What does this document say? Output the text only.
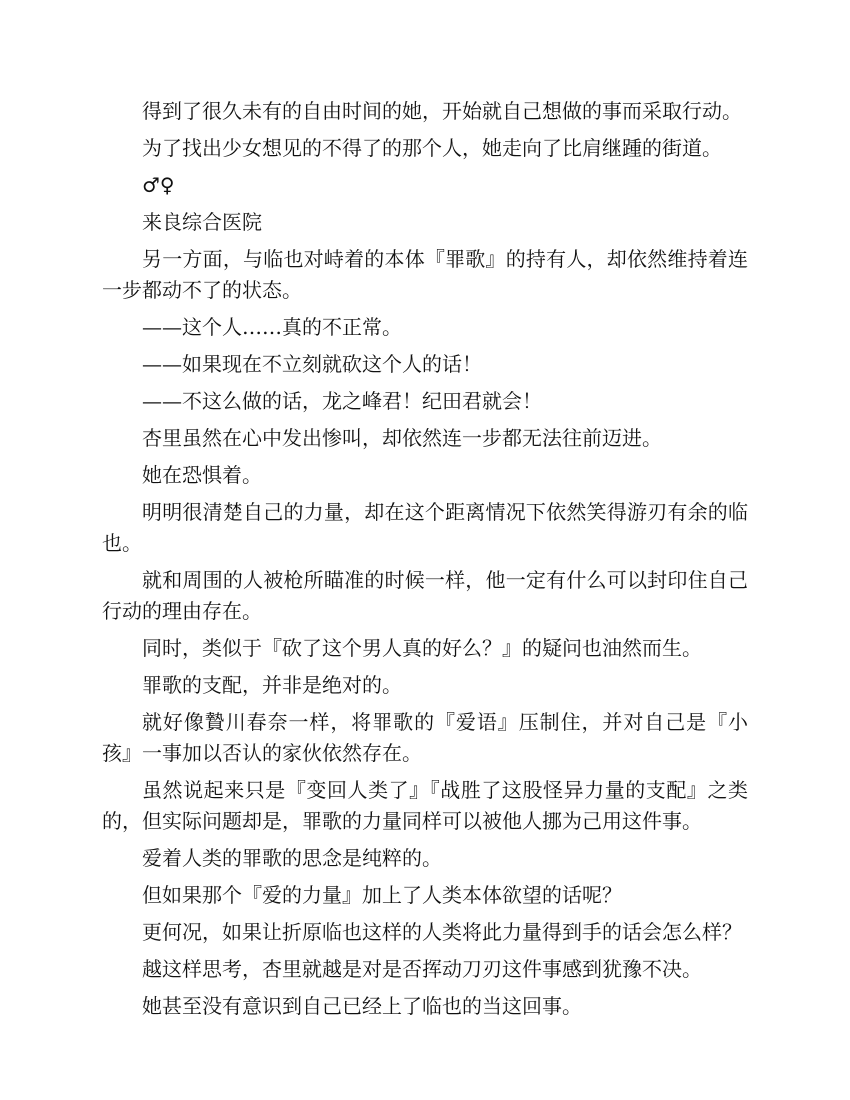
得到了很久未有的自由时间的她，开始就自己想做的事而采取行动。

为了找出少女想见的不得了的那个人，她走向了比肩继踵的街道。

♂♀

来良综合医院

另一方面，与临也对峙着的本体『罪歌』的持有人，却依然维持着连一步都动不了的状态。

——这个人……真的不正常。

——如果现在不立刻就砍这个人的话！

——不这么做的话，龙之峰君！纪田君就会！

杏里虽然在心中发出惨叫，却依然连一步都无法往前迈进。

她在恐惧着。

明明很清楚自己的力量，却在这个距离情况下依然笑得游刃有余的临也。

就和周围的人被枪所瞄准的时候一样，他一定有什么可以封印住自己行动的理由存在。

同时，类似于『砍了这个男人真的好么？』的疑问也油然而生。

罪歌的支配，并非是绝对的。

就好像贄川春奈一样，将罪歌的『爱语』压制住，并对自己是『小孩』一事加以否认的家伙依然存在。

虽然说起来只是『变回人类了』『战胜了这股怪异力量的支配』之类的，但实际问题却是，罪歌的力量同样可以被他人挪为己用这件事。

爱着人类的罪歌的思念是纯粹的。

但如果那个『爱的力量』加上了人类本体欲望的话呢？

更何况，如果让折原临也这样的人类将此力量得到手的话会怎么样？

越这样思考，杏里就越是对是否挥动刀刃这件事感到犹豫不决。

她甚至没有意识到自己已经上了临也的当这回事。
